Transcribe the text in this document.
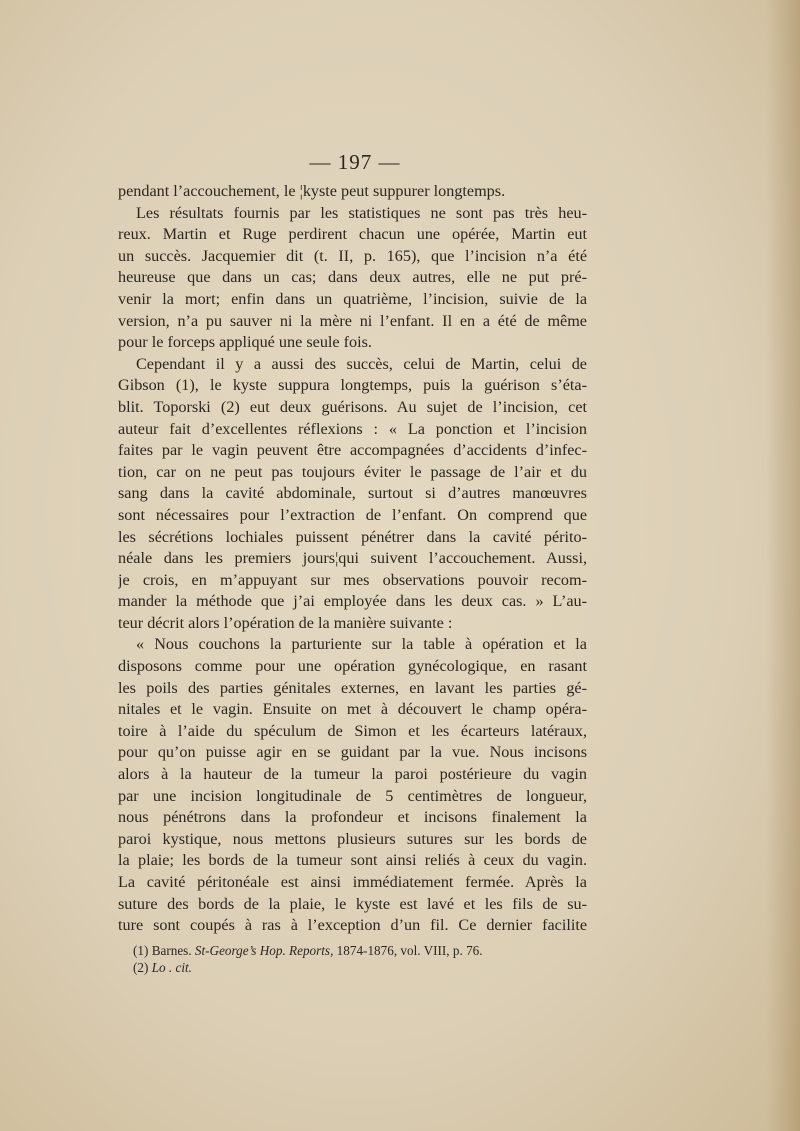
— 197 —
pendant l’accouchement, le ¦kyste peut suppurer longtemps.
Les résultats fournis par les statistiques ne sont pas très heu-
reux. Martin et Ruge perdirent chacun une opérée, Martin eut
un succès. Jacquemier dit (t. II, p. 165), que l’incision n’a été
heureuse que dans un cas; dans deux autres, elle ne put pré-
venir la mort; enfin dans un quatrième, l’incision, suivie de la
version, n’a pu sauver ni la mère ni l’enfant. Il en a été de même
pour le forceps appliqué une seule fois.
Cependant il y a aussi des succès, celui de Martin, celui de
Gibson (1), le kyste suppura longtemps, puis la guérison s’éta-
blit. Toporski (2) eut deux guérisons. Au sujet de l’incision, cet
auteur fait d’excellentes réflexions : « La ponction et l’incision
faites par le vagin peuvent être accompagnées d’accidents d’infec-
tion, car on ne peut pas toujours éviter le passage de l’air et du
sang dans la cavité abdominale, surtout si d’autres manœuvres
sont nécessaires pour l’extraction de l’enfant. On comprend que
les sécrétions lochiales puissent pénétrer dans la cavité périto-
néale dans les premiers jours¦qui suivent l’accouchement. Aussi,
je crois, en m’appuyant sur mes observations pouvoir recom-
mander la méthode que j’ai employée dans les deux cas. » L’au-
teur décrit alors l’opération de la manière suivante :
« Nous couchons la parturiente sur la table à opération et la
disposons comme pour une opération gynécologique, en rasant
les poils des parties génitales externes, en lavant les parties gé-
nitales et le vagin. Ensuite on met à découvert le champ opéra-
toire à l’aide du spéculum de Simon et les écarteurs latéraux,
pour qu’on puisse agir en se guidant par la vue. Nous incisons
alors à la hauteur de la tumeur la paroi postérieure du vagin
par une incision longitudinale de 5 centimètres de longueur,
nous pénétrons dans la profondeur et incisons finalement la
paroi kystique, nous mettons plusieurs sutures sur les bords de
la plaie; les bords de la tumeur sont ainsi reliés à ceux du vagin.
La cavité péritonéale est ainsi immédiatement fermée. Après la
suture des bords de la plaie, le kyste est lavé et les fils de su-
ture sont coupés à ras à l’exception d’un fil. Ce dernier facilite
(1) Barnes. St-George’s Hop. Reports, 1874-1876, vol. VIII, p. 76.
(2) Lo . cit.
